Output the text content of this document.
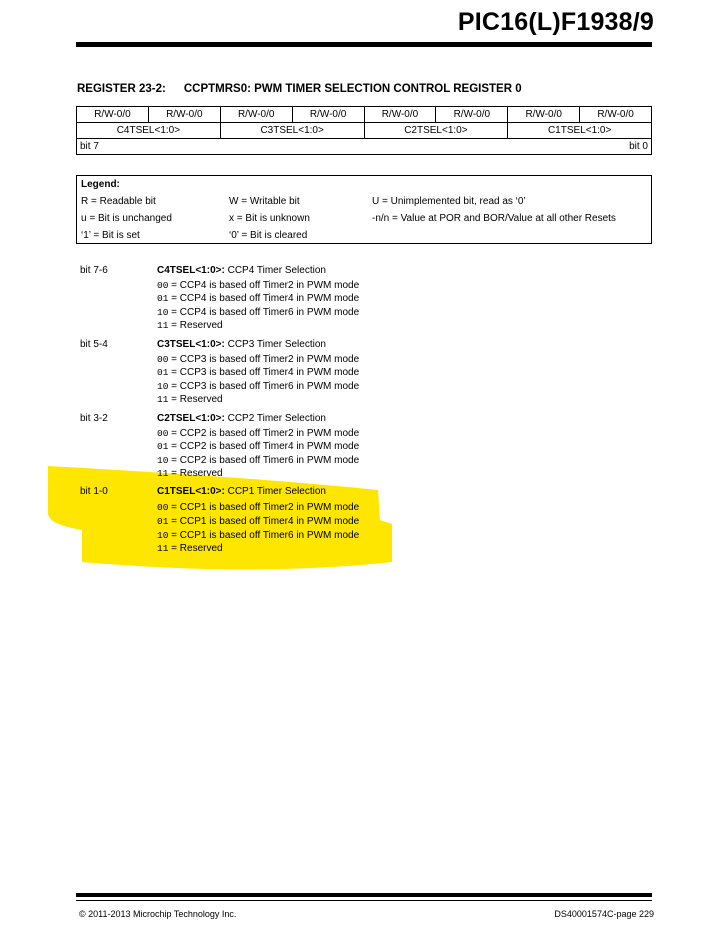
PIC16(L)F1938/9
REGISTER 23-2: CCPTMRS0: PWM TIMER SELECTION CONTROL REGISTER 0
R/W-0/0	R/W-0/0	R/W-0/0	R/W-0/0	R/W-0/0	R/W-0/0	R/W-0/0	R/W-0/0
C4TSEL<1:0>		C3TSEL<1:0>		C2TSEL<1:0>		C1TSEL<1:0>	
bit 7 bit 0							
Legend:
R = Readable bit	W = Writable bit	U = Unimplemented bit, read as ‘0’
u = Bit is unchanged	x = Bit is unknown	-n/n = Value at POR and BOR/Value at all other Resets
‘1’ = Bit is set	‘0’ = Bit is cleared
bit 7-6	C4TSEL<1:0>: CCP4 Timer Selection
00 = CCP4 is based off Timer2 in PWM mode
01 = CCP4 is based off Timer4 in PWM mode
10 = CCP4 is based off Timer6 in PWM mode
11 = Reserved
bit 5-4	C3TSEL<1:0>: CCP3 Timer Selection
00 = CCP3 is based off Timer2 in PWM mode
01 = CCP3 is based off Timer4 in PWM mode
10 = CCP3 is based off Timer6 in PWM mode
11 = Reserved
bit 3-2	C2TSEL<1:0>: CCP2 Timer Selection
00 = CCP2 is based off Timer2 in PWM mode
01 = CCP2 is based off Timer4 in PWM mode
10 = CCP2 is based off Timer6 in PWM mode
11 = Reserved
bit 1-0	C1TSEL<1:0>: CCP1 Timer Selection
00 = CCP1 is based off Timer2 in PWM mode
01 = CCP1 is based off Timer4 in PWM mode
10 = CCP1 is based off Timer6 in PWM mode
11 = Reserved
© 2011-2013 Microchip Technology Inc.	DS40001574C-page 229
